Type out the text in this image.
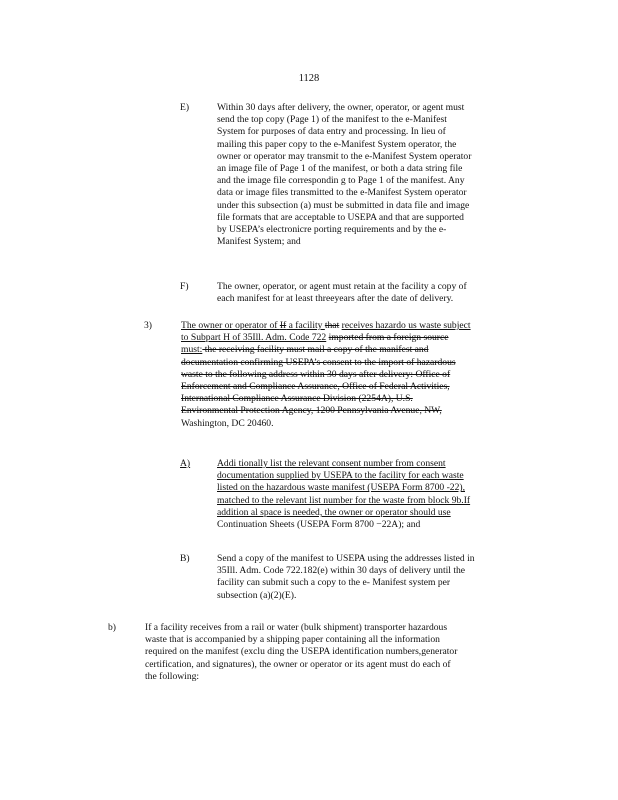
1128
E)	Within 30 days after delivery, the owner, operator, or agent must
send the top copy (Page 1) of the manifest to the e-Manifest
System for purposes of data entry and processing. In lieu of
mailing this paper copy to the e-Manifest System operator, the
owner or operator may transmit to the e-Manifest System operator
an image file of Page 1 of the manifest, or both a data string file
and the image file correspondin g to Page 1 of the manifest. Any
data or image files transmitted to the e-Manifest System operator
under this subsection (a) must be submitted in data file and image
file formats that are acceptable to USEPA and that are supported
by USEPA’s electronicre porting requirements and by the e-
Manifest System; and
F)	The owner, operator, or agent must retain at the facility a copy of
each manifest for at least threeyears after the date of delivery.
3)	The owner or operator of If a facility that receives hazardo us waste subject
to Subpart H of 35Ill. Adm. Code 722 imported from a foreign source
must: the receiving facility must mail a copy of the manifest and
documentation confirming USEPA’s consent to the import of hazardous
waste to the following address within 30 days after delivery: Office of
Enforcement and Compliance Assurance, Office of Federal Activities,
International Compliance Assurance Division (2254A), U.S.
Environmental Protection Agency, 1200 Pennsylvania Avenue, NW,
Washington, DC 20460.
A)	Addi tionally list the relevant consent number from consent
documentation supplied by USEPA to the facility for each waste
listed on the hazardous waste manifest (USEPA Form 8700 -22),
matched to the relevant list number for the waste from block 9b.If
addition al space is needed, the owner or operator should use
Continuation Sheets (USEPA Form 8700 −22A); and
B)	Send a copy of the manifest to USEPA using the addresses listed in
35Ill. Adm. Code 722.182(e) within 30 days of delivery until the
facility can submit such a copy to the e- Manifest system per
subsection (a)(2)(E).
b)	If a facility receives from a rail or water (bulk shipment) transporter hazardous
waste that is accompanied by a shipping paper containing all the information
required on the manifest (exclu ding the USEPA identification numbers,generator
certification, and signatures), the owner or operator or its agent must do each of
the following:
